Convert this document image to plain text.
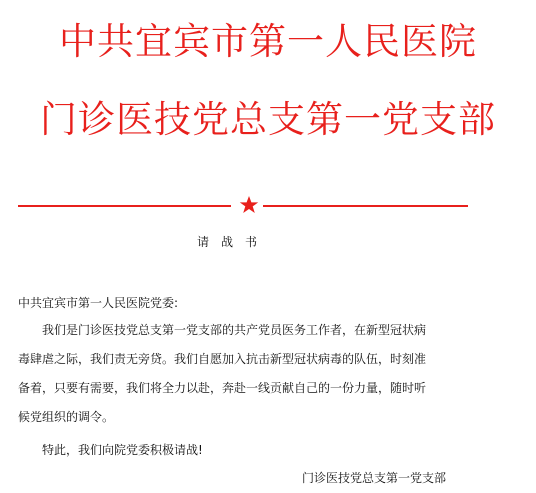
中共宜宾市第一人民医院
门诊医技党总支第一党支部
请战书
中共宜宾市第一人民医院党委:
我们是门诊医技党总支第一党支部的共产党员医务工作者，在新型冠状病
毒肆虐之际，我们责无旁贷。我们自愿加入抗击新型冠状病毒的队伍，时刻准
备着，只要有需要，我们将全力以赴，奔赴一线贡献自己的一份力量，随时听
候党组织的调令。
特此，我们向院党委积极请战!
门诊医技党总支第一党支部
